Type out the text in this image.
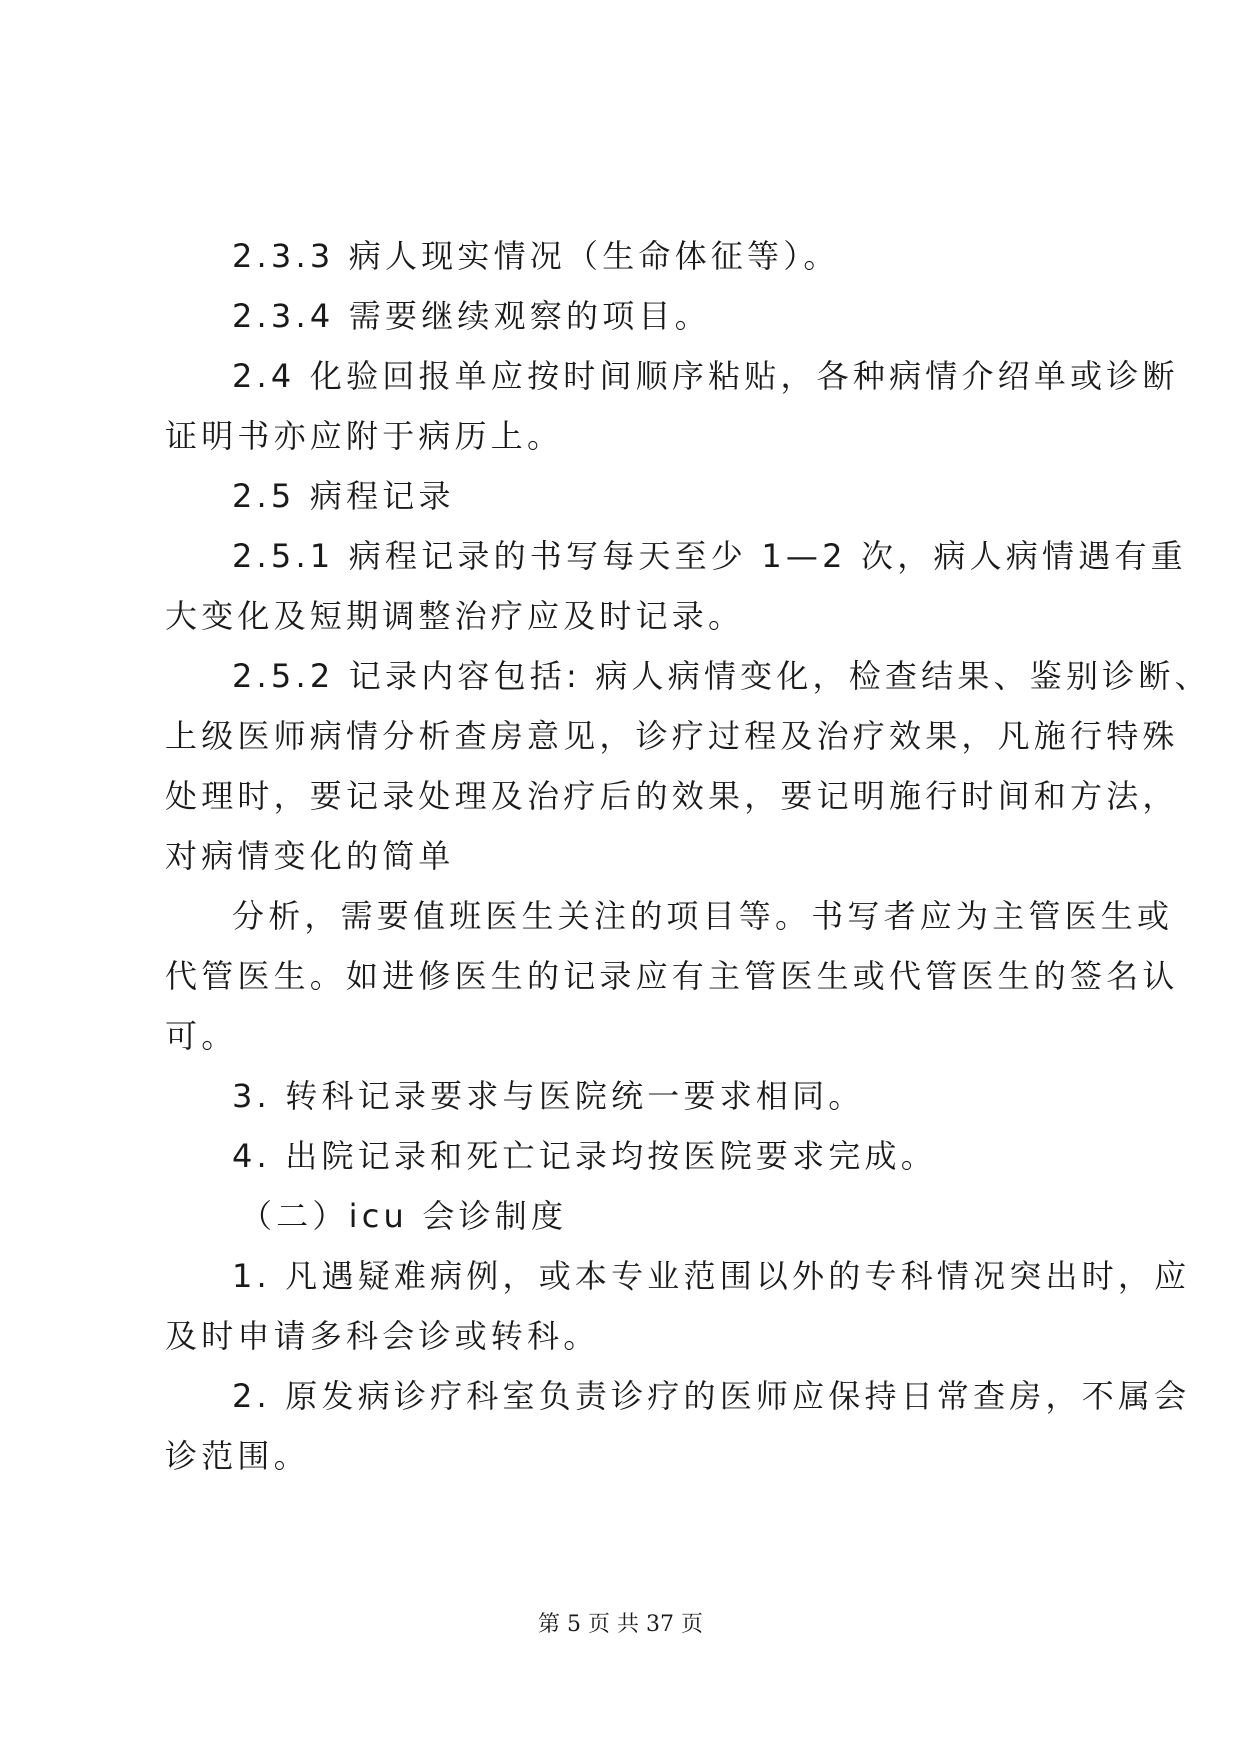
2.3.3 病人现实情况（生命体征等）。
2.3.4 需要继续观察的项目。
2.4 化验回报单应按时间顺序粘贴，各种病情介绍单或诊断
证明书亦应附于病历上。
2.5 病程记录
2.5.1 病程记录的书写每天至少 1—2 次，病人病情遇有重
大变化及短期调整治疗应及时记录。
2.5.2 记录内容包括: 病人病情变化，检查结果、鉴别诊断、
上级医师病情分析查房意见，诊疗过程及治疗效果，凡施行特殊
处理时，要记录处理及治疗后的效果，要记明施行时间和方法，
对病情变化的简单
分析，需要值班医生关注的项目等。书写者应为主管医生或
代管医生。如进修医生的记录应有主管医生或代管医生的签名认
可。
3. 转科记录要求与医院统一要求相同。
4. 出院记录和死亡记录均按医院要求完成。
（二）icu 会诊制度
1. 凡遇疑难病例，或本专业范围以外的专科情况突出时，应
及时申请多科会诊或转科。
2. 原发病诊疗科室负责诊疗的医师应保持日常查房，不属会
诊范围。
第 5 页 共 37 页
